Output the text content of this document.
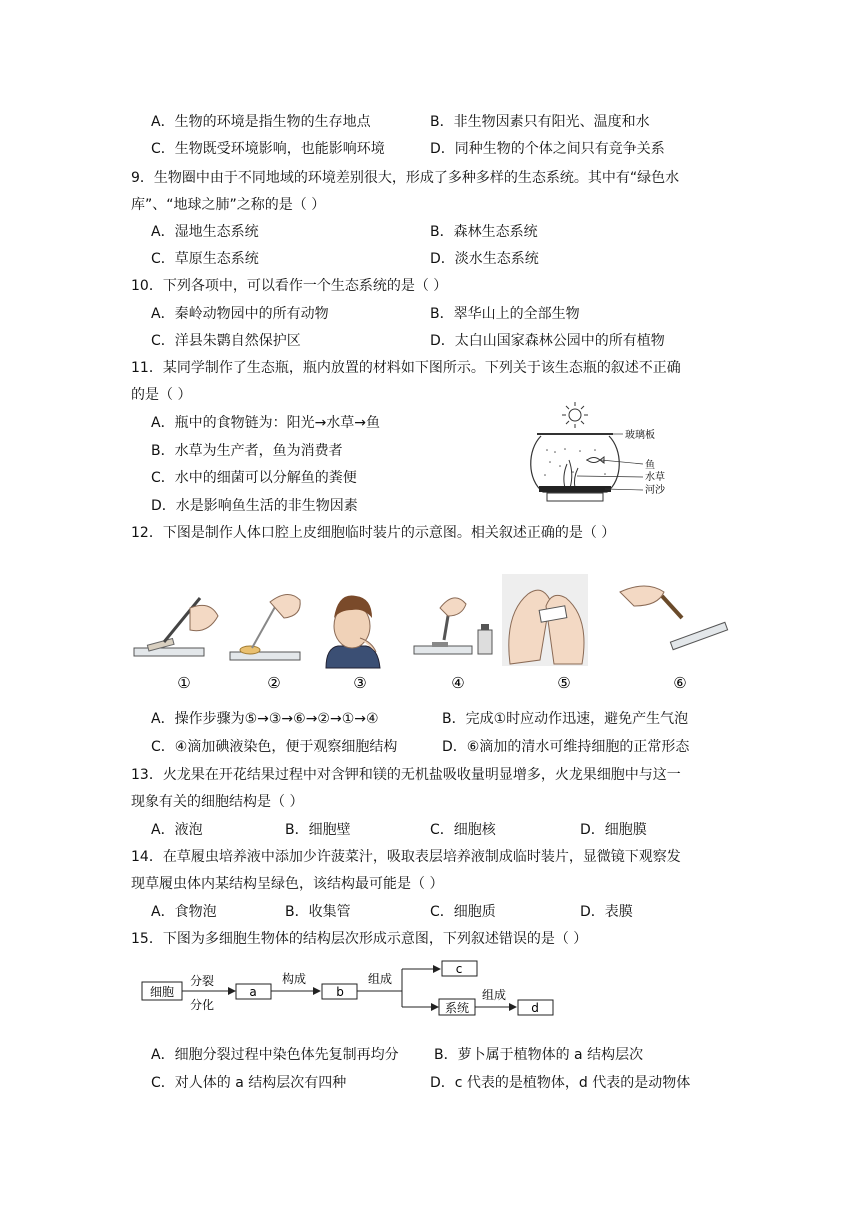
A．生物的环境是指生物的生存地点	B．非生物因素只有阳光、温度和水
C．生物既受环境影响，也能影响环境	D．同种生物的个体之间只有竞争关系
9．生物圈中由于不同地域的环境差别很大，形成了多种多样的生态系统。其中有“绿色水
库”、“地球之肺”之称的是（ ）
A．湿地生态系统	B．森林生态系统
C．草原生态系统	D．淡水生态系统
10．下列各项中，可以看作一个生态系统的是（ ）
A．秦岭动物园中的所有动物	B．翠华山上的全部生物
C．洋县朱鹮自然保护区	D．太白山国家森林公园中的所有植物
11．某同学制作了生态瓶，瓶内放置的材料如下图所示。下列关于该生态瓶的叙述不正确
的是（ ）
A．瓶中的食物链为：阳光→水草→鱼
B．水草为生产者，鱼为消费者
C．水中的细菌可以分解鱼的粪便
D．水是影响鱼生活的非生物因素
玻璃板
鱼
水草
河沙
12．下图是制作人体口腔上皮细胞临时装片的示意图。相关叙述正确的是（ ）
①	②	③	④	⑤	⑥
A．操作步骤为⑤→③→⑥→②→①→④	B．完成①时应动作迅速，避免产生气泡
C．④滴加碘液染色，便于观察细胞结构	D．⑥滴加的清水可维持细胞的正常形态
13．火龙果在开花结果过程中对含钾和镁的无机盐吸收量明显增多，火龙果细胞中与这一
现象有关的细胞结构是（ ）
A．液泡	B．细胞壁	C．细胞核	D．细胞膜
14．在草履虫培养液中添加少许菠菜汁，吸取表层培养液制成临时装片，显微镜下观察发
现草履虫体内某结构呈绿色，该结构最可能是（ ）
A．食物泡	B．收集管	C．细胞质	D．表膜
15．下图为多细胞生物体的结构层次形成示意图，下列叙述错误的是（ ）
细胞
分裂
分化
a
构成
b
组成
c
系统
组成
d
A．细胞分裂过程中染色体先复制再均分	B．萝卜属于植物体的 a 结构层次
C．对人体的 a 结构层次有四种	D．c 代表的是植物体，d 代表的是动物体
